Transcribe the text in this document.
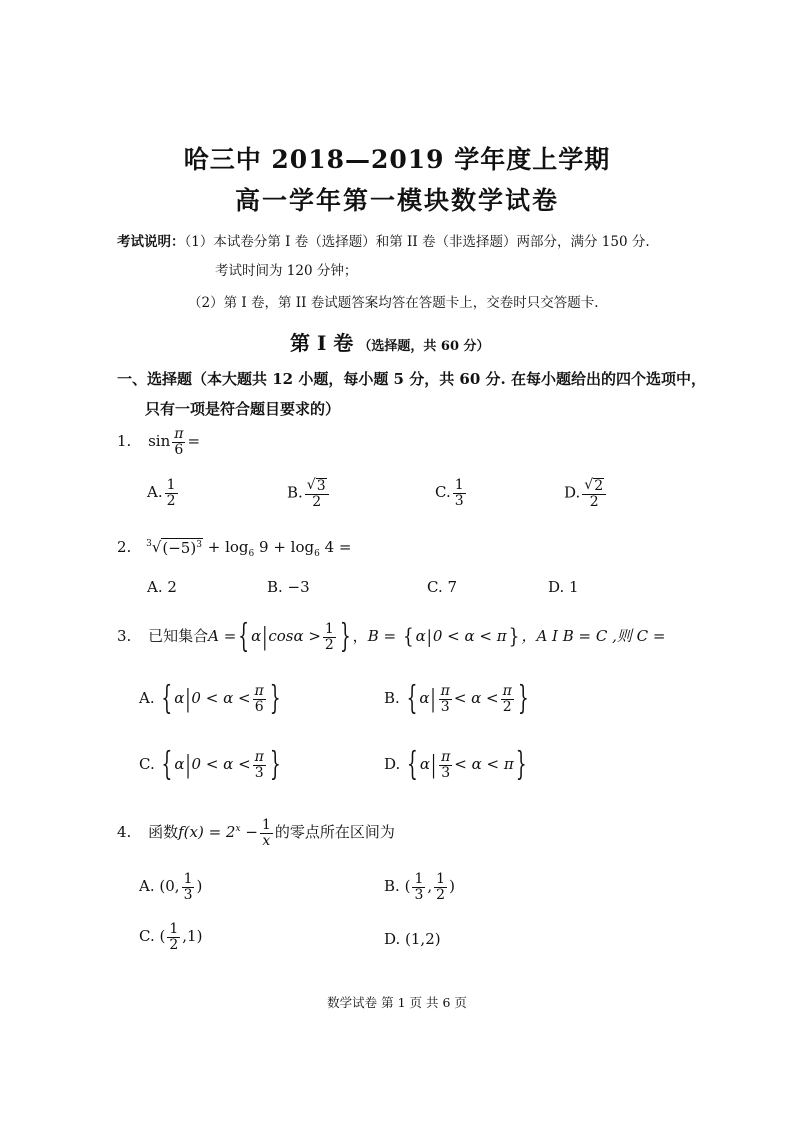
哈三中 2018—2019 学年度上学期
高一学年第一模块数学试卷
考试说明：（1）本试卷分第 I 卷（选择题）和第 II 卷（非选择题）两部分，满分 150 分.
考试时间为 120 分钟；
（2）第 I 卷，第 II 卷试题答案均答在答题卡上，交卷时只交答题卡.
第 I 卷 （选择题，共 60 分）
一、选择题（本大题共 12 小题，每小题 5 分，共 60 分. 在每小题给出的四个选项中，
只有一项是符合题目要求的）
1. $\sin \frac{\pi}{6}$ =
A. $\frac{1}{2}$	B. $\frac{√ 3}{2}$	C. $\frac{1}{3}$	D. $\frac{√ 2}{2}$
2. $^3$√ $(-5)^3 + \log_6 9 + \log_6 4$ =
A. 2	B. −3	C. 7	D. 1
3. 已知集合A = { $\alpha|\cos\alpha > \frac{1}{2}$ } ，B = { α|0 < α < π } ，A I B = C ,则 C =
A. { $\alpha|0 < \alpha < \frac{\pi}{6}$ }	B. { $\alpha| \frac{\pi}{3} < \alpha < \frac{\pi}{2}$ }
C. { $\alpha|0 < \alpha < \frac{\pi}{3}$ }	D. { $\alpha| \frac{\pi}{3} < \alpha < \pi$ }
4. 函数$f(x) = 2^x - \frac{1}{x}$ 的零点所在区间为
A. (0, $\frac{1}{3}$ )	B. ( $\frac{1}{3}$ , $\frac{1}{2}$ )
C. ( $\frac{1}{2} ,1$)	D. (1,2)
数学试卷 第 1 页 共 6 页
